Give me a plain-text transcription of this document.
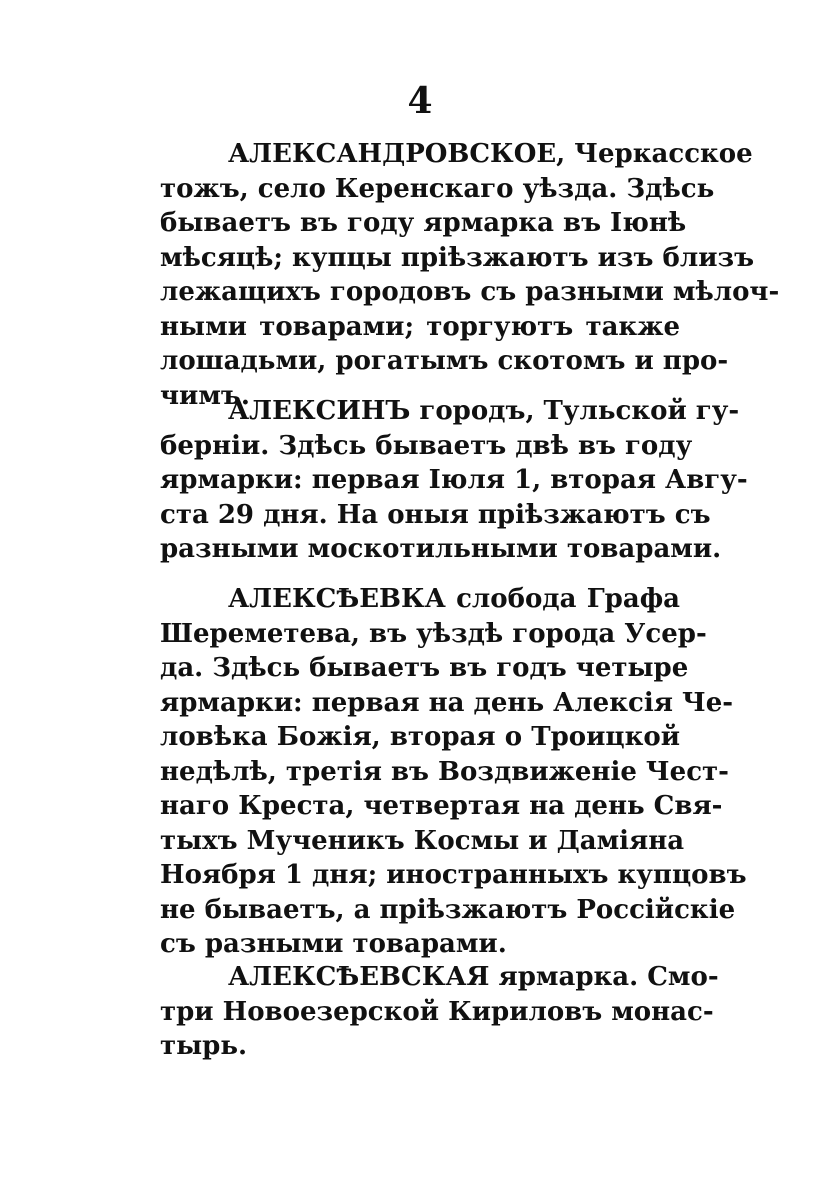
4
АЛЕКСАНДРОВСКОЕ, Черкасское
тожъ, село Керенскаго уѣзда. Здѣсь
бываетъ въ году ярмарка въ Іюнѣ
мѣсяцѣ; купцы пріѣзжаютъ изъ близъ
лежащихъ городовъ съ разными мѣлоч-
ными товарами; торгуютъ также
лошадьми, рогатымъ скотомъ и про-
чимъ.
АЛЕКСИНЪ городъ, Тульской гу-
берніи. Здѣсь бываетъ двѣ въ году
ярмарки: первая Іюля 1, вторая Авгу-
ста 29 дня. На оныя пріѣзжаютъ съ
разными москотильными товарами.
АЛЕКСѢЕВКА слобода Графа
Шереметева, въ уѣздѣ города Усер-
да. Здѣсь бываетъ въ годъ четыре
ярмарки: первая на день Алексія Че-
ловѣка Божія, вторая о Троицкой
недѣлѣ, третія въ Воздвиженіе Чест-
наго Креста, четвертая на день Свя-
тыхъ Мученикъ Космы и Даміяна
Ноября 1 дня; иностранныхъ купцовъ
не бываетъ, а пріѣзжаютъ Россійскіе
съ разными товарами.
АЛЕКСѢЕВСКАЯ ярмарка. Смо-
три Новоезерской Кириловъ монас-
тырь.
